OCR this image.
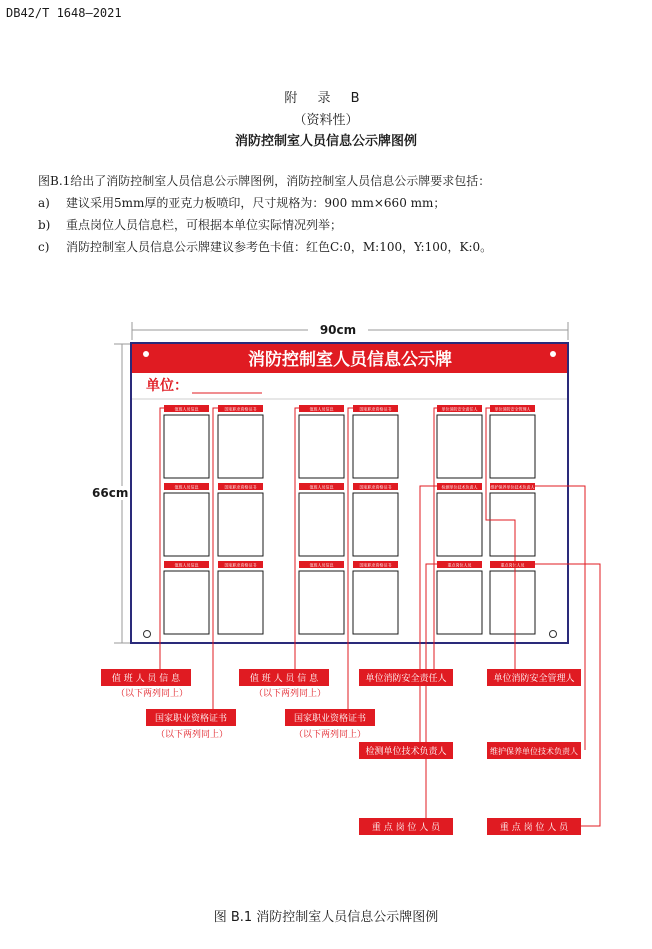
DB42/T 1648—2021
附 录 B
（资料性）
消防控制室人员信息公示牌图例
图B.1给出了消防控制室人员信息公示牌图例，消防控制室人员信息公示牌要求包括：
a) 建议采用5mm厚的亚克力板喷印，尺寸规格为：900 mm×660 mm；
b) 重点岗位人员信息栏，可根据本单位实际情况列举；
c) 消防控制室人员信息公示牌建议参考色卡值：红色C:0，M:100，Y:100，K:0。
90cm
66cm
消防控制室人员信息公示牌
单位：
值班人员信息	国家职业资格证书	值班人员信息	国家职业资格证书	单位消防安全责任人	单位消防安全管理人
值班人员信息	国家职业资格证书	值班人员信息	国家职业资格证书	检测单位技术负责人	维护保养单位技术负责人
值班人员信息	国家职业资格证书	值班人员信息	国家职业资格证书	重点岗位人员	重点岗位人员
值 班 人 员 信 息
（以下两列同上）
国家职业资格证书
（以下两列同上）
值 班 人 员 信 息
（以下两列同上）
国家职业资格证书
（以下两列同上）
单位消防安全责任人	单位消防安全管理人
检测单位技术负责人	维护保养单位技术负责人
重 点 岗 位 人 员	重 点 岗 位 人 员
图 B.1 消防控制室人员信息公示牌图例
